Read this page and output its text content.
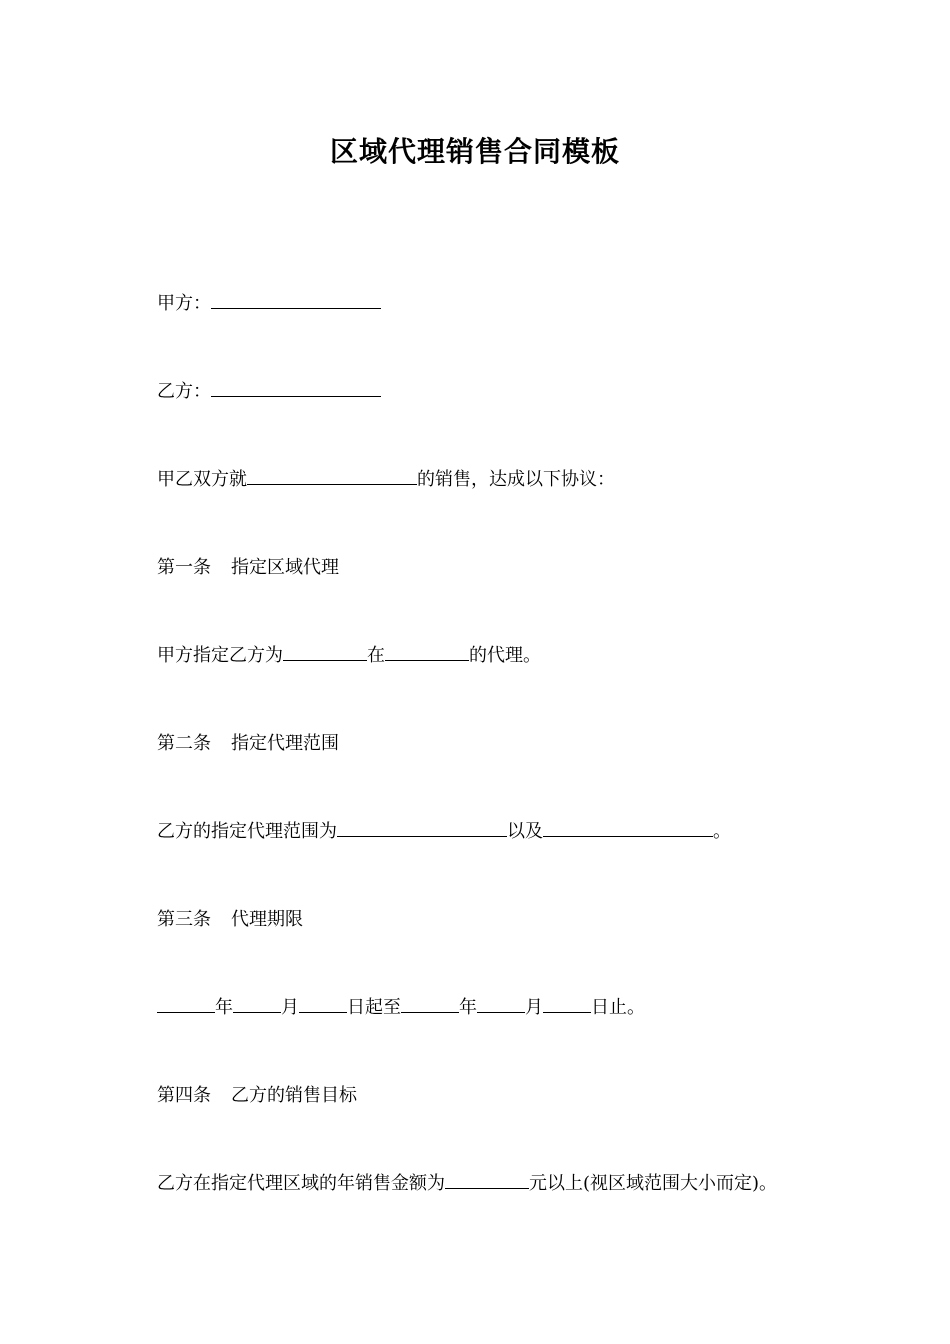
区域代理销售合同模板
甲方：
乙方：
甲乙双方就	的销售，达成以下协议：
第一条 指定区域代理
甲方指定乙方为	在	的代理。
第二条 指定代理范围
乙方的指定代理范围为	以及	。
第三条 代理期限
年	月	日起至	年	月	日止。
第四条 乙方的销售目标
乙方在指定代理区域的年销售金额为	元以上(视区域范围大小而定)。
